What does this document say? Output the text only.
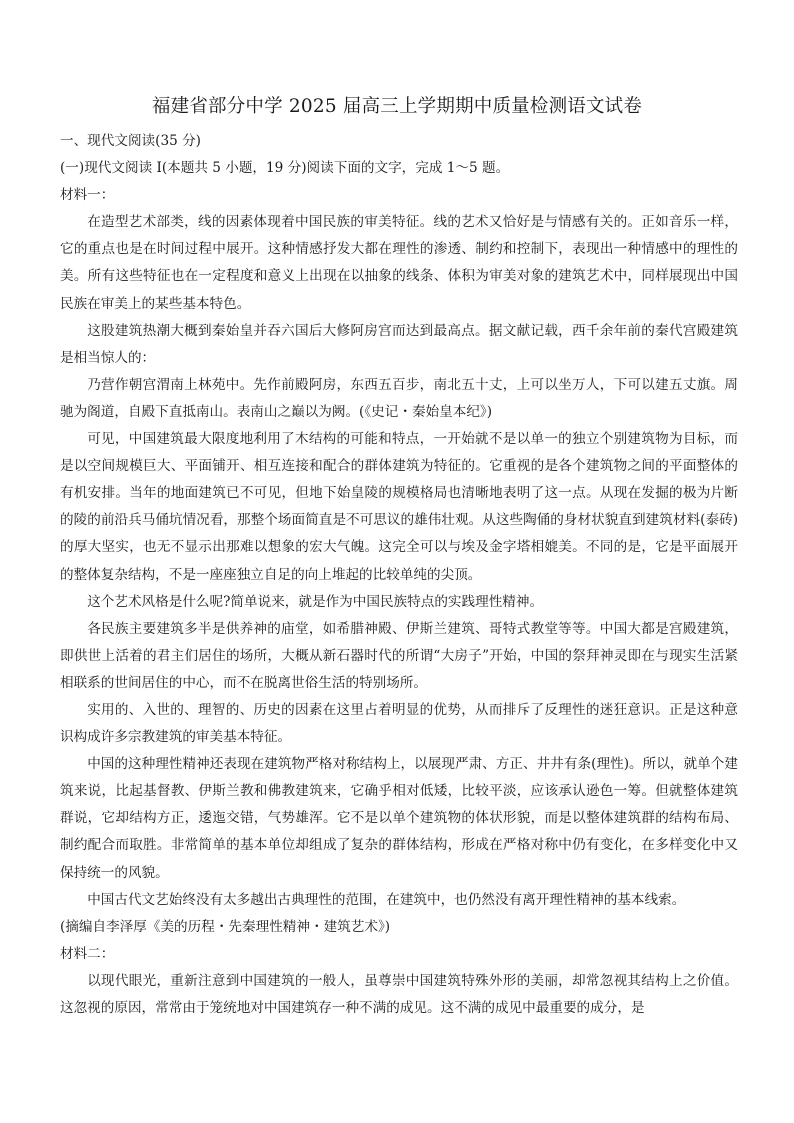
福建省部分中学 2025 届高三上学期期中质量检测语文试卷

一、现代文阅读(35 分)

(一)现代文阅读 I(本题共 5 小题，19 分)阅读下面的文字，完成 1～5 题。

材料一：

在造型艺术部类，线的因素体现着中国民族的审美特征。线的艺术又恰好是与情感有关的。正如音乐一样，它的重点也是在时间过程中展开。这种情感抒发大都在理性的渗透、制约和控制下，表现出一种情感中的理性的美。所有这些特征也在一定程度和意义上出现在以抽象的线条、体积为审美对象的建筑艺术中，同样展现出中国民族在审美上的某些基本特色。

这股建筑热潮大概到秦始皇并吞六国后大修阿房宫而达到最高点。据文献记载，西千余年前的秦代宫殿建筑是相当惊人的：

乃营作朝宫渭南上林苑中。先作前殿阿房，东西五百步，南北五十丈，上可以坐万人，下可以建五丈旗。周驰为阁道，自殿下直抵南山。表南山之巅以为阙。(《史记・秦始皇本纪》)

可见，中国建筑最大限度地利用了木结构的可能和特点，一开始就不是以单一的独立个别建筑物为目标，而是以空间规模巨大、平面铺开、相互连接和配合的群体建筑为特征的。它重视的是各个建筑物之间的平面整体的有机安排。当年的地面建筑已不可见，但地下始皇陵的规模格局也清晰地表明了这一点。从现在发掘的极为片断的陵的前沿兵马俑坑情况看，那整个场面简直是不可思议的雄伟壮观。从这些陶俑的身材状貌直到建筑材料(泰砖)的厚大坚实，也无不显示出那难以想象的宏大气魄。这完全可以与埃及金字塔相媲美。不同的是，它是平面展开的整体复杂结构，不是一座座独立自足的向上堆起的比较单纯的尖顶。

这个艺术风格是什么呢?简单说来，就是作为中国民族特点的实践理性精神。

各民族主要建筑多半是供养神的庙堂，如希腊神殿、伊斯兰建筑、哥特式教堂等等。中国大都是宫殿建筑，即供世上活着的君主们居住的场所，大概从新石器时代的所谓“大房子”开始，中国的祭拜神灵即在与现实生活紧相联系的世间居住的中心，而不在脱离世俗生活的特别场所。

实用的、入世的、理智的、历史的因素在这里占着明显的优势，从而排斥了反理性的迷狂意识。正是这种意识构成许多宗教建筑的审美基本特征。

中国的这种理性精神还表现在建筑物严格对称结构上，以展现严肃、方正、井井有条(理性)。所以，就单个建筑来说，比起基督教、伊斯兰教和佛教建筑来，它确乎相对低矮，比较平淡，应该承认逊色一筹。但就整体建筑群说，它却结构方正，逶迤交错，气势雄浑。它不是以单个建筑物的体状形貌，而是以整体建筑群的结构布局、制约配合而取胜。非常简单的基本单位却组成了复杂的群体结构，形成在严格对称中仍有变化，在多样变化中又保持统一的风貌。

中国古代文艺始终没有太多越出古典理性的范围，在建筑中，也仍然没有离开理性精神的基本线索。

(摘编自李泽厚《美的历程・先秦理性精神・建筑艺术》)

材料二：

以现代眼光，重新注意到中国建筑的一般人，虽尊崇中国建筑特殊外形的美丽，却常忽视其结构上之价值。这忽视的原因，常常由于笼统地对中国建筑存一种不满的成见。这不满的成见中最重要的成分，是
